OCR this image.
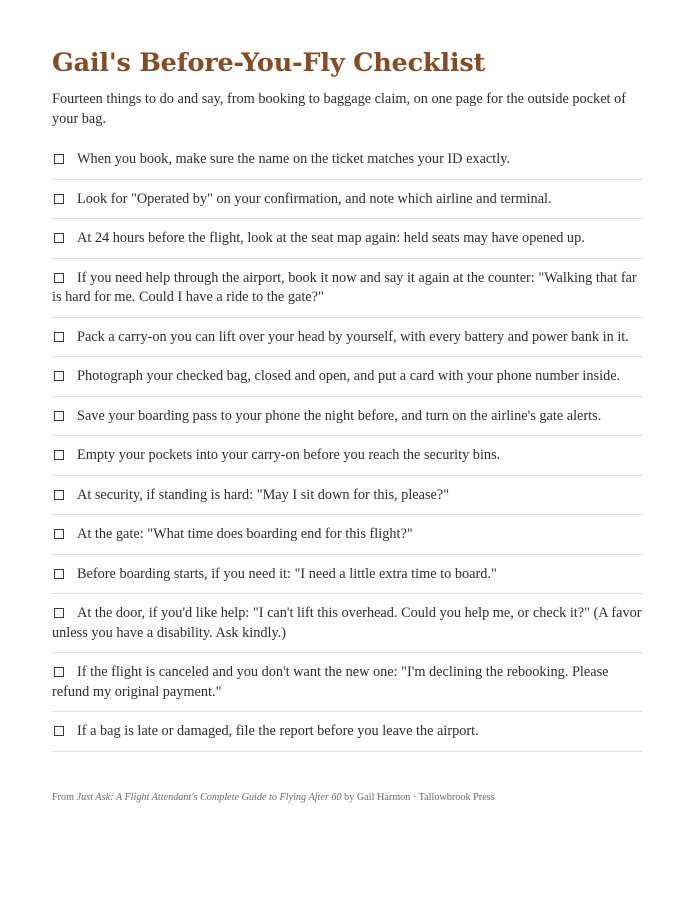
Gail's Before-You-Fly Checklist

Fourteen things to do and say, from booking to baggage claim, on one page for the outside pocket of your bag.

When you book, make sure the name on the ticket matches your ID exactly.
Look for "Operated by" on your confirmation, and note which airline and terminal.
At 24 hours before the flight, look at the seat map again: held seats may have opened up.
If you need help through the airport, book it now and say it again at the counter: "Walking that far is hard for me. Could I have a ride to the gate?"
Pack a carry-on you can lift over your head by yourself, with every battery and power bank in it.
Photograph your checked bag, closed and open, and put a card with your phone number inside.
Save your boarding pass to your phone the night before, and turn on the airline's gate alerts.
Empty your pockets into your carry-on before you reach the security bins.
At security, if standing is hard: "May I sit down for this, please?"
At the gate: "What time does boarding end for this flight?"
Before boarding starts, if you need it: "I need a little extra time to board."
At the door, if you'd like help: "I can't lift this overhead. Could you help me, or check it?" (A favor unless you have a disability. Ask kindly.)
If the flight is canceled and you don't want the new one: "I'm declining the rebooking. Please refund my original payment."
If a bag is late or damaged, file the report before you leave the airport.
From Just Ask: A Flight Attendant's Complete Guide to Flying After 60 by Gail Harmon · Tallowbrook Press
